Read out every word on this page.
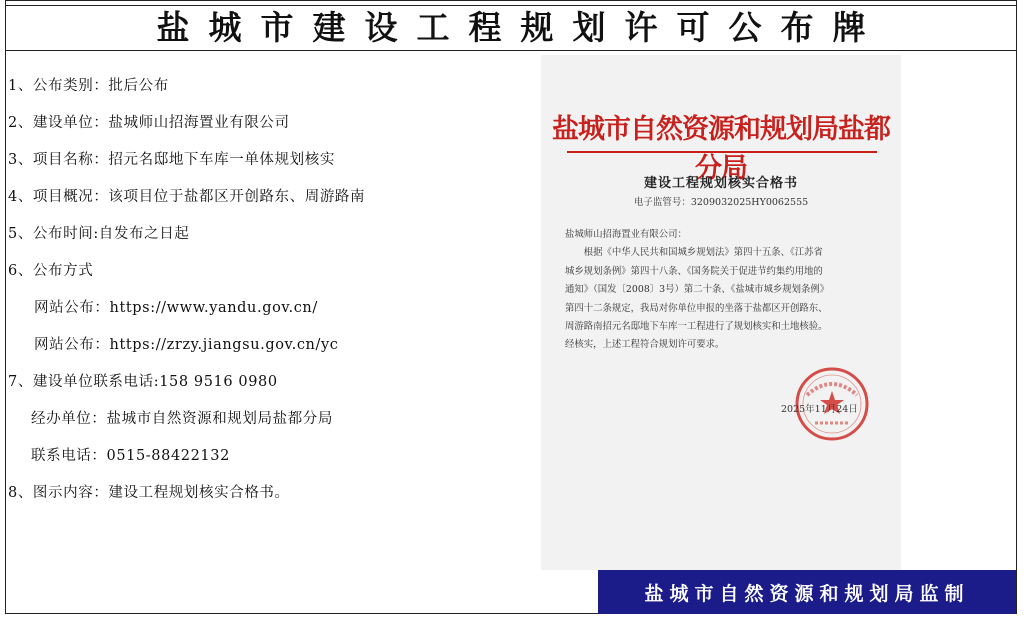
盐城市建设工程规划许可公布牌
1、公布类别：批后公布
2、建设单位：盐城师山招海置业有限公司
3、项目名称：招元名邸地下车库一单体规划核实
4、项目概况：该项目位于盐都区开创路东、周游路南
5、公布时间:自发布之日起
6、公布方式
网站公布：https://www.yandu.gov.cn/
网站公布：https://zrzy.jiangsu.gov.cn/yc
7、建设单位联系电话:158 9516 0980
经办单位：盐城市自然资源和规划局盐都分局
联系电话：0515-88422132
8、图示内容：建设工程规划核实合格书。
盐城市自然资源和规划局盐都分局
建设工程规划核实合格书
电子监管号：3209032025HY0062555

盐城师山招海置业有限公司：

根据《中华人民共和国城乡规划法》第四十五条、《江苏省

城乡规划条例》第四十八条、《国务院关于促进节约集约用地的

通知》（国发〔2008〕3号）第二十条、《盐城市城乡规划条例》

第四十二条规定，我局对你单位申报的坐落于盐都区开创路东、

周游路南招元名邸地下车库一工程进行了规划核实和土地核验。

经核实，上述工程符合规划许可要求。

2025年11月24日
盐城市自然资源和规划局监制
